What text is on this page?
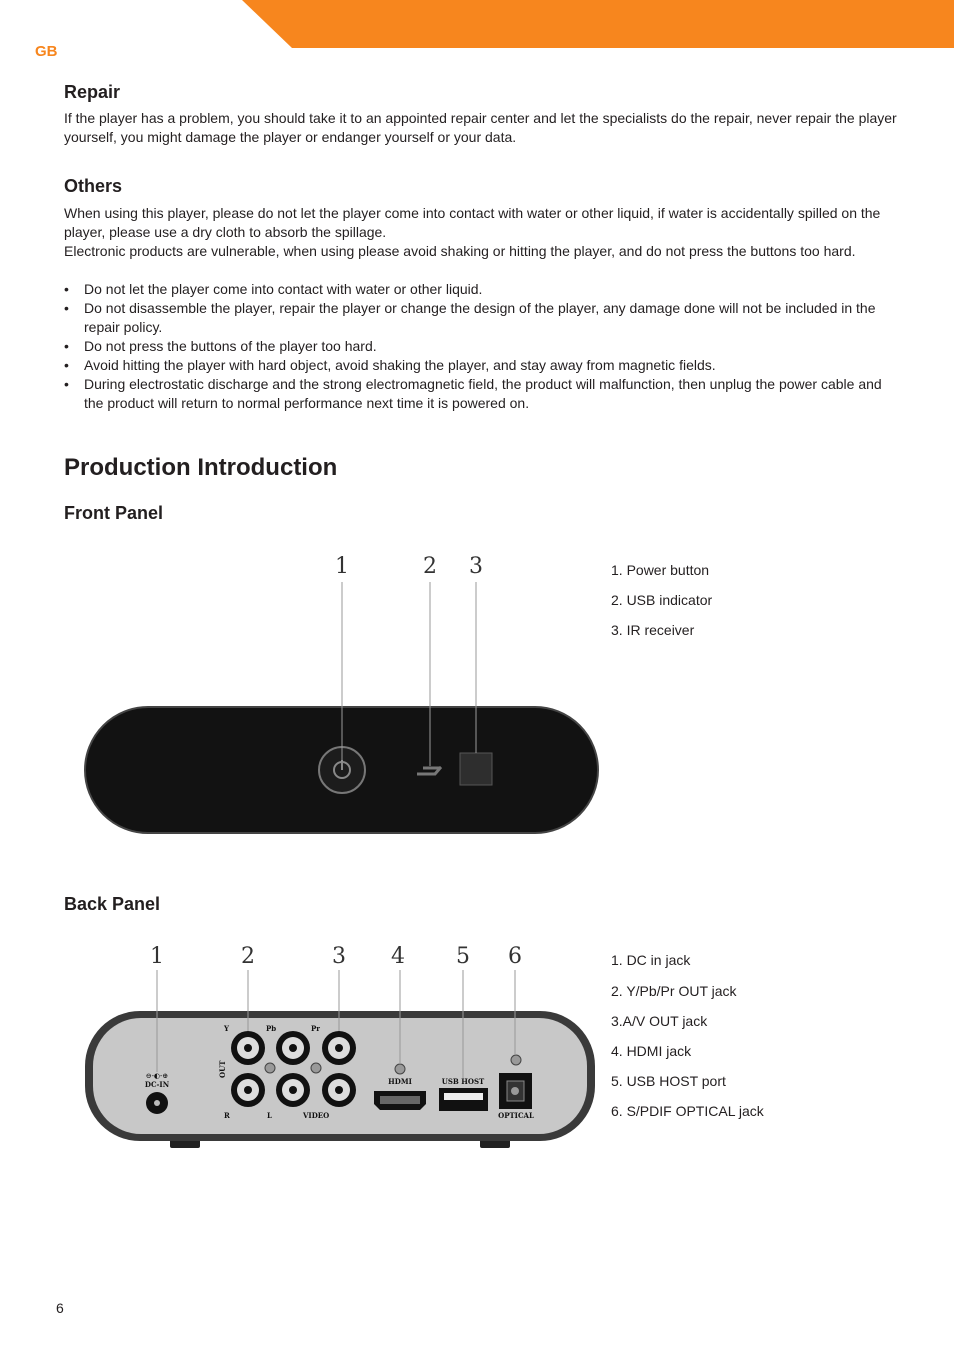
GB

Repair

If the player has a problem, you should take it to an appointed repair center and let the specialists do the repair, never repair the player yourself, you might damage the player or endanger yourself or your data.

Others

When using this player, please do not let the player come into contact with water or other liquid, if water is accidentally spilled on the player, please use a dry cloth to absorb the spillage.

Electronic products are vulnerable, when using please avoid shaking or hitting the player, and do not press the buttons too hard.

• Do not let the player come into contact with water or other liquid.
• Do not disassemble the player, repair the player or change the design of the player, any damage done will not be included in the repair policy.
• Do not press the buttons of the player too hard.
• Avoid hitting the player with hard object, avoid shaking the player, and stay away from magnetic fields.
• During electrostatic discharge and the strong electromagnetic field, the product will malfunction, then unplug the power cable and the product will return to normal performance next time it is powered on.
Production Introduction
Front Panel
Back Panel
1	2 3	1. Power button
2. USB indicator
3. IR receiver
1	2	3 4 5 6
⊖-◐-⊕
DC-IN
Y	Pb	Pr
OUT
R	L	VIDEO
HDMI	USB HOST
OPTICAL
1. DC in jack
2. Y/Pb/Pr OUT jack
3.A/V OUT jack
4. HDMI jack
5. USB HOST port
6. S/PDIF OPTICAL jack

6
